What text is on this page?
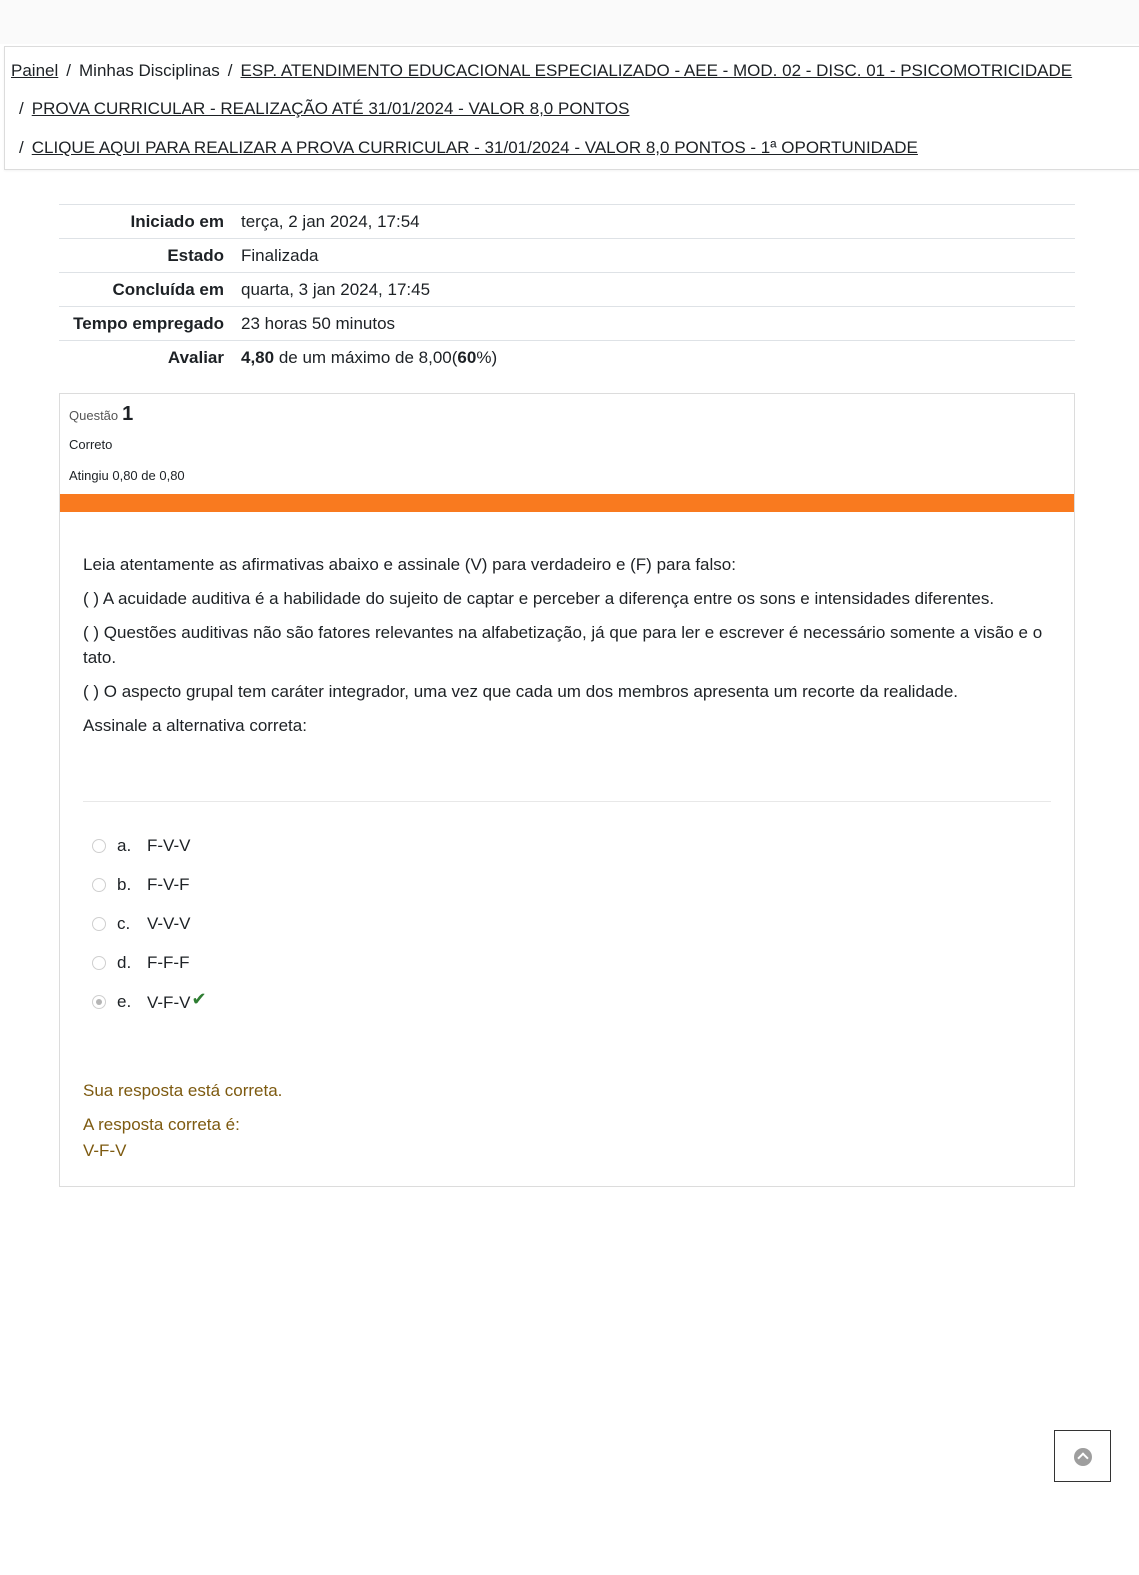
Painel / Minhas Disciplinas / ESP. ATENDIMENTO EDUCACIONAL ESPECIALIZADO - AEE - MOD. 02 - DISC. 01 - PSICOMOTRICIDADE
/ PROVA CURRICULAR - REALIZAÇÃO ATÉ 31/01/2024 - VALOR 8,0 PONTOS
/ CLIQUE AQUI PARA REALIZAR A PROVA CURRICULAR - 31/01/2024 - VALOR 8,0 PONTOS - 1ª OPORTUNIDADE
Iniciado em	terça, 2 jan 2024, 17:54
Estado	Finalizada
Concluída em	quarta, 3 jan 2024, 17:45
Tempo empregado	23 horas 50 minutos
Avaliar	4,80 de um máximo de 8,00(60%)
Questão 1
Correto
Atingiu 0,80 de 0,80

Leia atentamente as afirmativas abaixo e assinale (V) para verdadeiro e (F) para falso:

( ) A acuidade auditiva é a habilidade do sujeito de captar e perceber a diferença entre os sons e intensidades diferentes.

( ) Questões auditivas não são fatores relevantes na alfabetização, já que para ler e escrever é necessário somente a visão e o tato.

( ) O aspecto grupal tem caráter integrador, uma vez que cada um dos membros apresenta um recorte da realidade.

Assinale a alternativa correta:

a. F-V-V
b. F-V-F
c. V-V-V
d. F-F-F
e. V-F-V✔
Sua resposta está correta.
A resposta correta é:
V-F-V
